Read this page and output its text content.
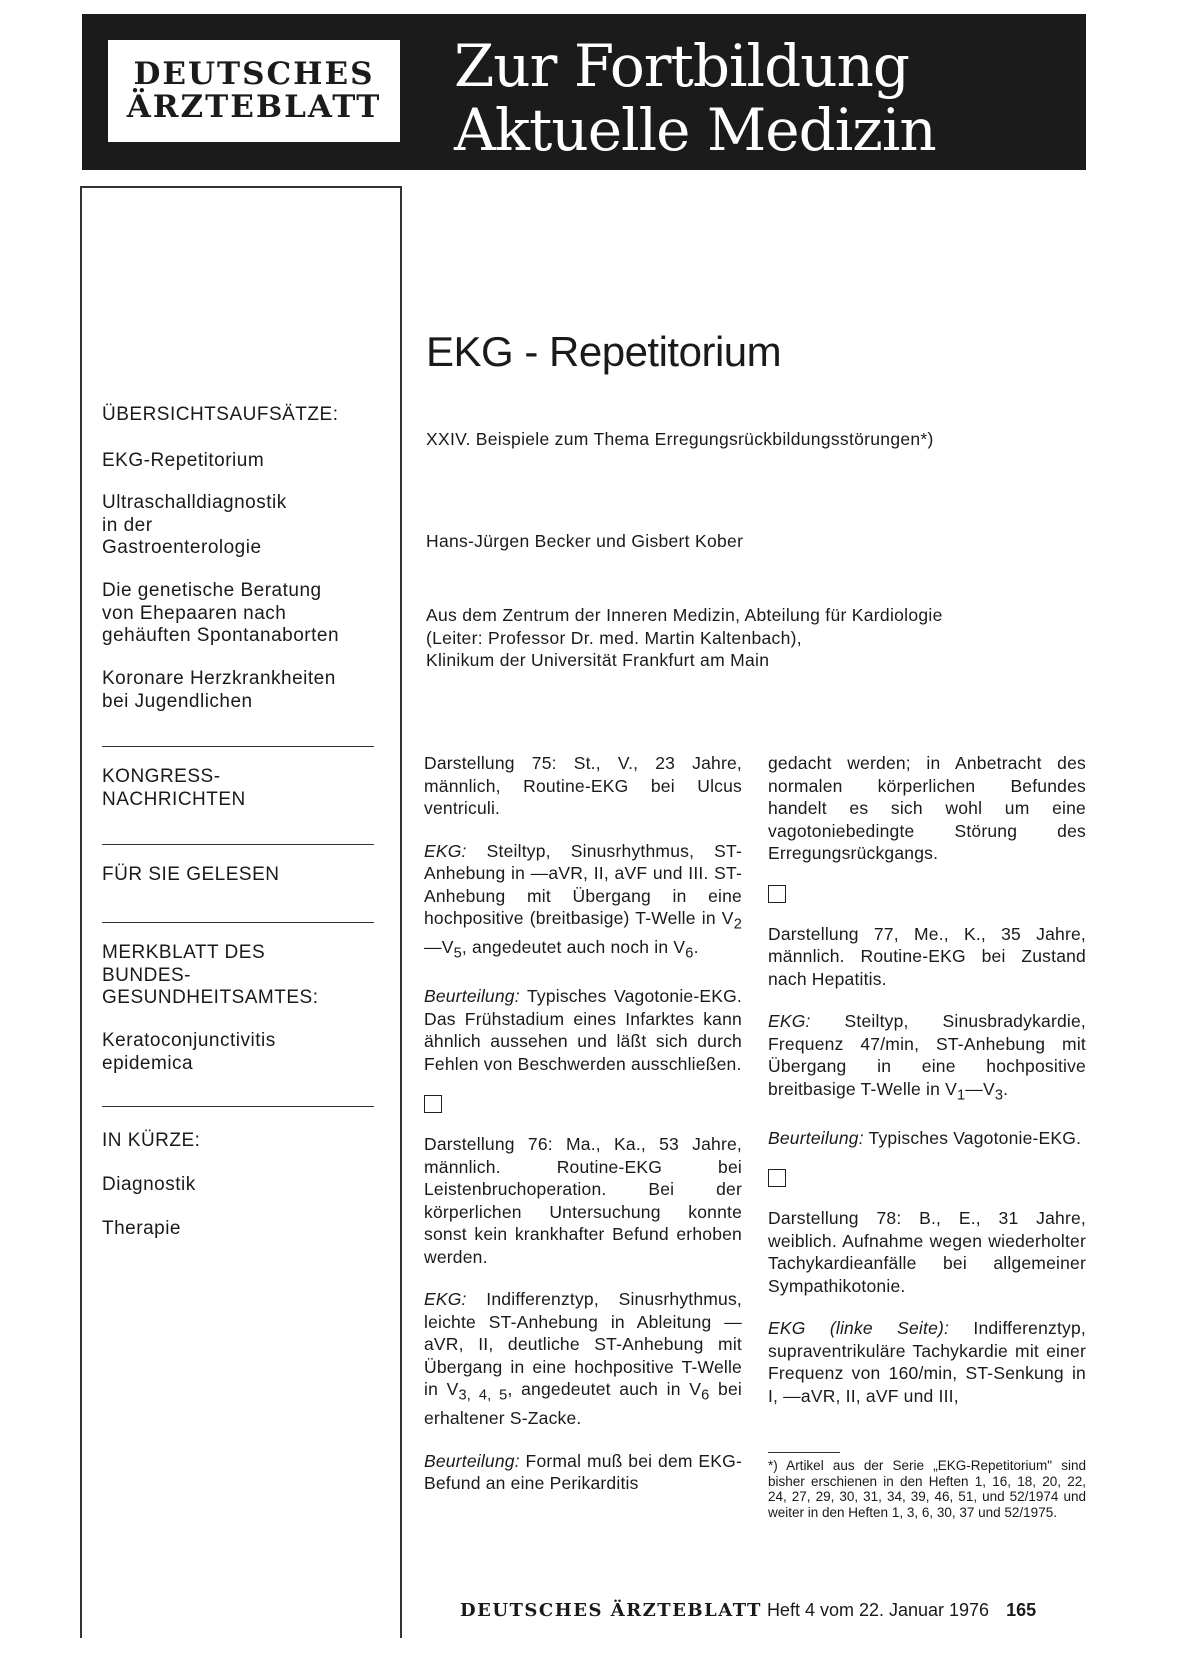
DEUTSCHES
ÄRZTEBLATT
Zur Fortbildung
Aktuelle Medizin
ÜBERSICHTSAUFSÄTZE:
EKG-Repetitorium
Ultraschalldiagnostik
in der
Gastroenterologie
Die genetische Beratung
von Ehepaaren nach
gehäuften Spontanaborten
Koronare Herzkrankheiten
bei Jugendlichen
KONGRESS-
NACHRICHTEN
FÜR SIE GELESEN
MERKBLATT DES
BUNDES-
GESUNDHEITSAMTES:
Keratoconjunctivitis
epidemica
IN KÜRZE:
Diagnostik
Therapie
EKG - Repetitorium
XXIV. Beispiele zum Thema Erregungsrückbildungsstörungen*)
Hans-Jürgen Becker und Gisbert Kober
Aus dem Zentrum der Inneren Medizin, Abteilung für Kardiologie
(Leiter: Professor Dr. med. Martin Kaltenbach),
Klinikum der Universität Frankfurt am Main

Darstellung 75: St., V., 23 Jahre, männlich, Routine-EKG bei Ulcus ventriculi.

EKG: Steiltyp, Sinusrhythmus, ST-Anhebung in —aVR, II, aVF und III. ST-Anhebung mit Übergang in eine hochpositive (breitbasige) T-Welle in $V_2—V_5$, angedeutet auch noch in $V_6$.

Beurteilung: Typisches Vagotonie-EKG. Das Frühstadium eines Infarktes kann ähnlich aussehen und läßt sich durch Fehlen von Beschwerden ausschließen.

Darstellung 76: Ma., Ka., 53 Jahre, männlich. Routine-EKG bei Leistenbruchoperation. Bei der körperlichen Untersuchung konnte sonst kein krankhafter Befund erhoben werden.

EKG: Indifferenztyp, Sinusrhythmus, leichte ST-Anhebung in Ableitung —aVR, II, deutliche ST-Anhebung mit Übergang in eine hochpositive T-Welle in $V_{3, 4, 5}$, angedeutet auch in $V_6$ bei erhaltener S-Zacke.

Beurteilung: Formal muß bei dem EKG-Befund an eine Perikarditis

gedacht werden; in Anbetracht des normalen körperlichen Befundes handelt es sich wohl um eine vagotoniebedingte Störung des Erregungsrückgangs.

Darstellung 77, Me., K., 35 Jahre, männlich. Routine-EKG bei Zustand nach Hepatitis.

EKG: Steiltyp, Sinusbradykardie, Frequenz 47/min, ST-Anhebung mit Übergang in eine hochpositive breitbasige T-Welle in $V_1—V_3$.

Beurteilung: Typisches Vagotonie-EKG.

Darstellung 78: B., E., 31 Jahre, weiblich. Aufnahme wegen wiederholter Tachykardieanfälle bei allgemeiner Sympathikotonie.

EKG (linke Seite): Indifferenztyp, supraventrikuläre Tachykardie mit einer Frequenz von 160/min, ST-Senkung in I, —aVR, II, aVF und III,

*) Artikel aus der Serie „EKG-Repetitorium" sind bisher erschienen in den Heften 1, 16, 18, 20, 22, 24, 27, 29, 30, 31, 34, 39, 46, 51, und 52/1974 und weiter in den Heften 1, 3, 6, 30, 37 und 52/1975.
DEUTSCHES ÄRZTEBLATT Heft 4 vom 22. Januar 1976 165
